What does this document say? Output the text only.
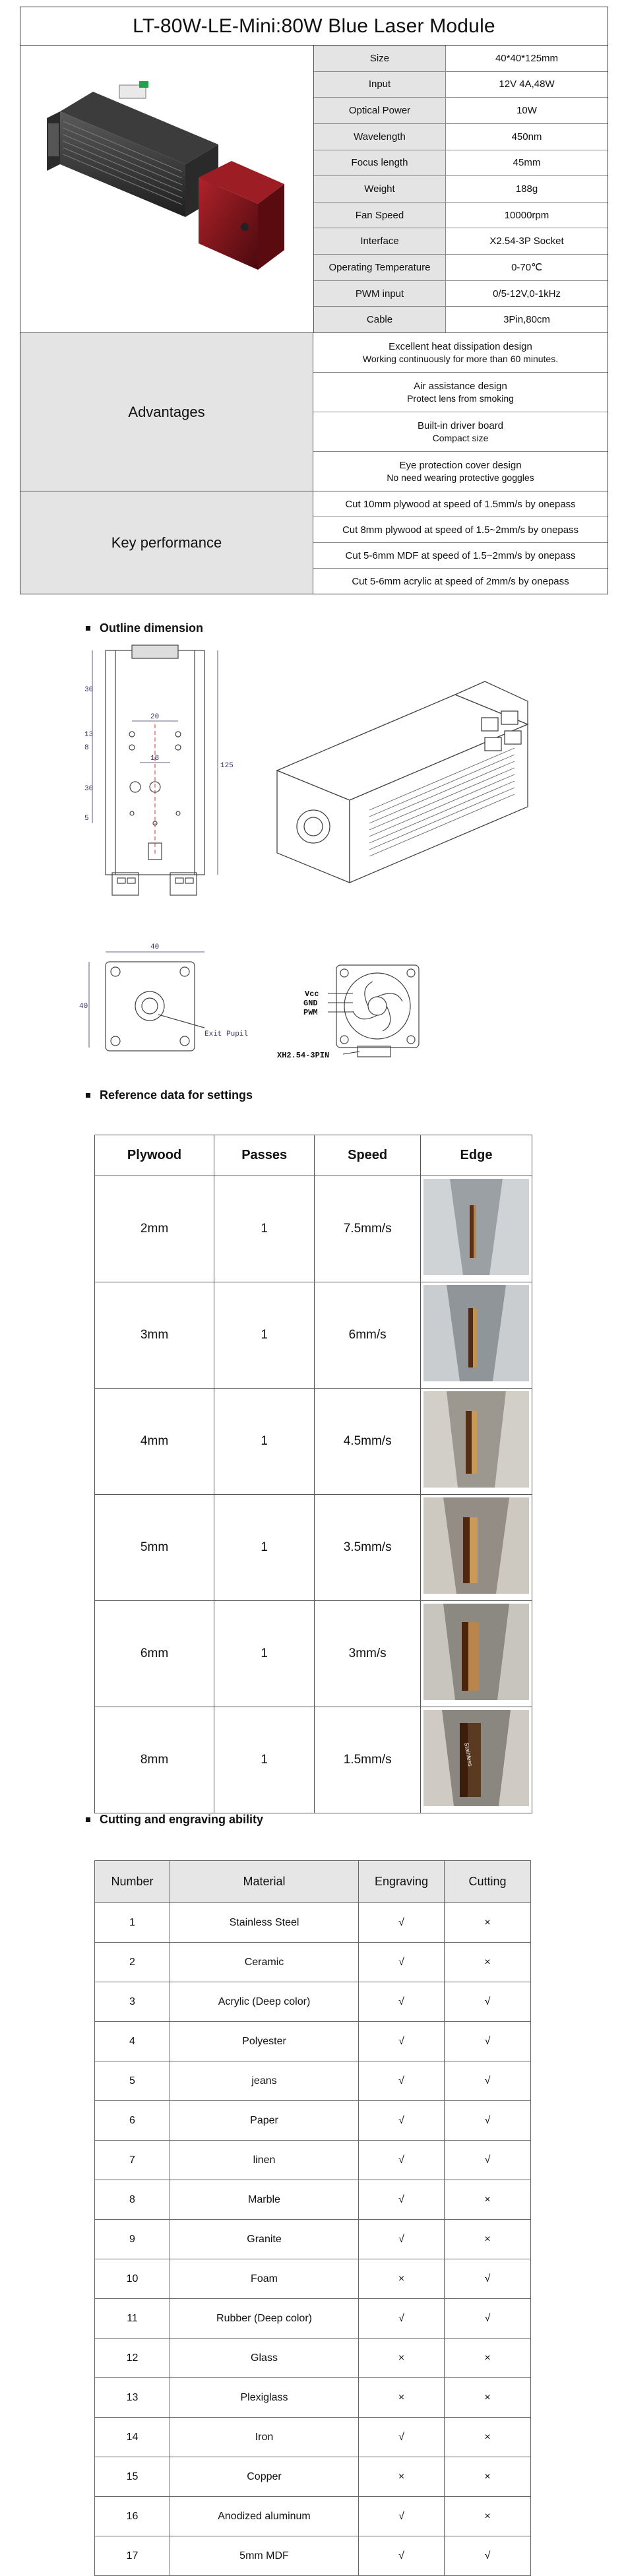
LT-80W-LE-Mini:80W Blue Laser Module
Size	40*40*125mm
Input	12V 4A,48W
Optical Power	10W
Wavelength	450nm
Focus length	45mm
Weight	188g
Fan Speed	10000rpm
Interface	X2.54-3P Socket
Operating Temperature	0-70℃
PWM input	0/5-12V,0-1kHz
Cable	3Pin,80cm
Advantages
Excellent heat dissipation design
Working continuously for more than 60 minutes.
Air assistance design
Protect lens from smoking
Built-in driver board
Compact size
Eye protection cover design
No need wearing protective goggles
Key performance
Cut 10mm plywood at speed of 1.5mm/s by onepass
Cut 8mm plywood at speed of 1.5~2mm/s by onepass
Cut 5-6mm MDF at speed of 1.5~2mm/s by onepass
Cut 5-6mm acrylic at speed of 2mm/s by onepass
Outline dimension
30
20
13
8
18
30
5
125
40
40
Exit Pupil
Vcc
GND
PWM
XH2.54-3PIN
Reference data for settings
Plywood	Passes	Speed	Edge
2mm	1	7.5mm/s	
3mm	1	6mm/s	
4mm	1	4.5mm/s	
5mm	1	3.5mm/s	
6mm	1	3mm/s	
8mm	1	1.5mm/s	Stainless
Cutting and engraving ability
Number	Material	Engraving	Cutting
1	Stainless Steel	√	×
2	Ceramic	√	×
3	Acrylic (Deep color)	√	√
4	Polyester	√	√
5	jeans	√	√
6	Paper	√	√
7	linen	√	√
8	Marble	√	×
9	Granite	√	×
10	Foam	×	√
11	Rubber (Deep color)	√	√
12	Glass	×	×
13	Plexiglass	×	×
14	Iron	√	×
15	Copper	×	×
16	Anodized aluminum	√	×
17	5mm MDF	√	√
